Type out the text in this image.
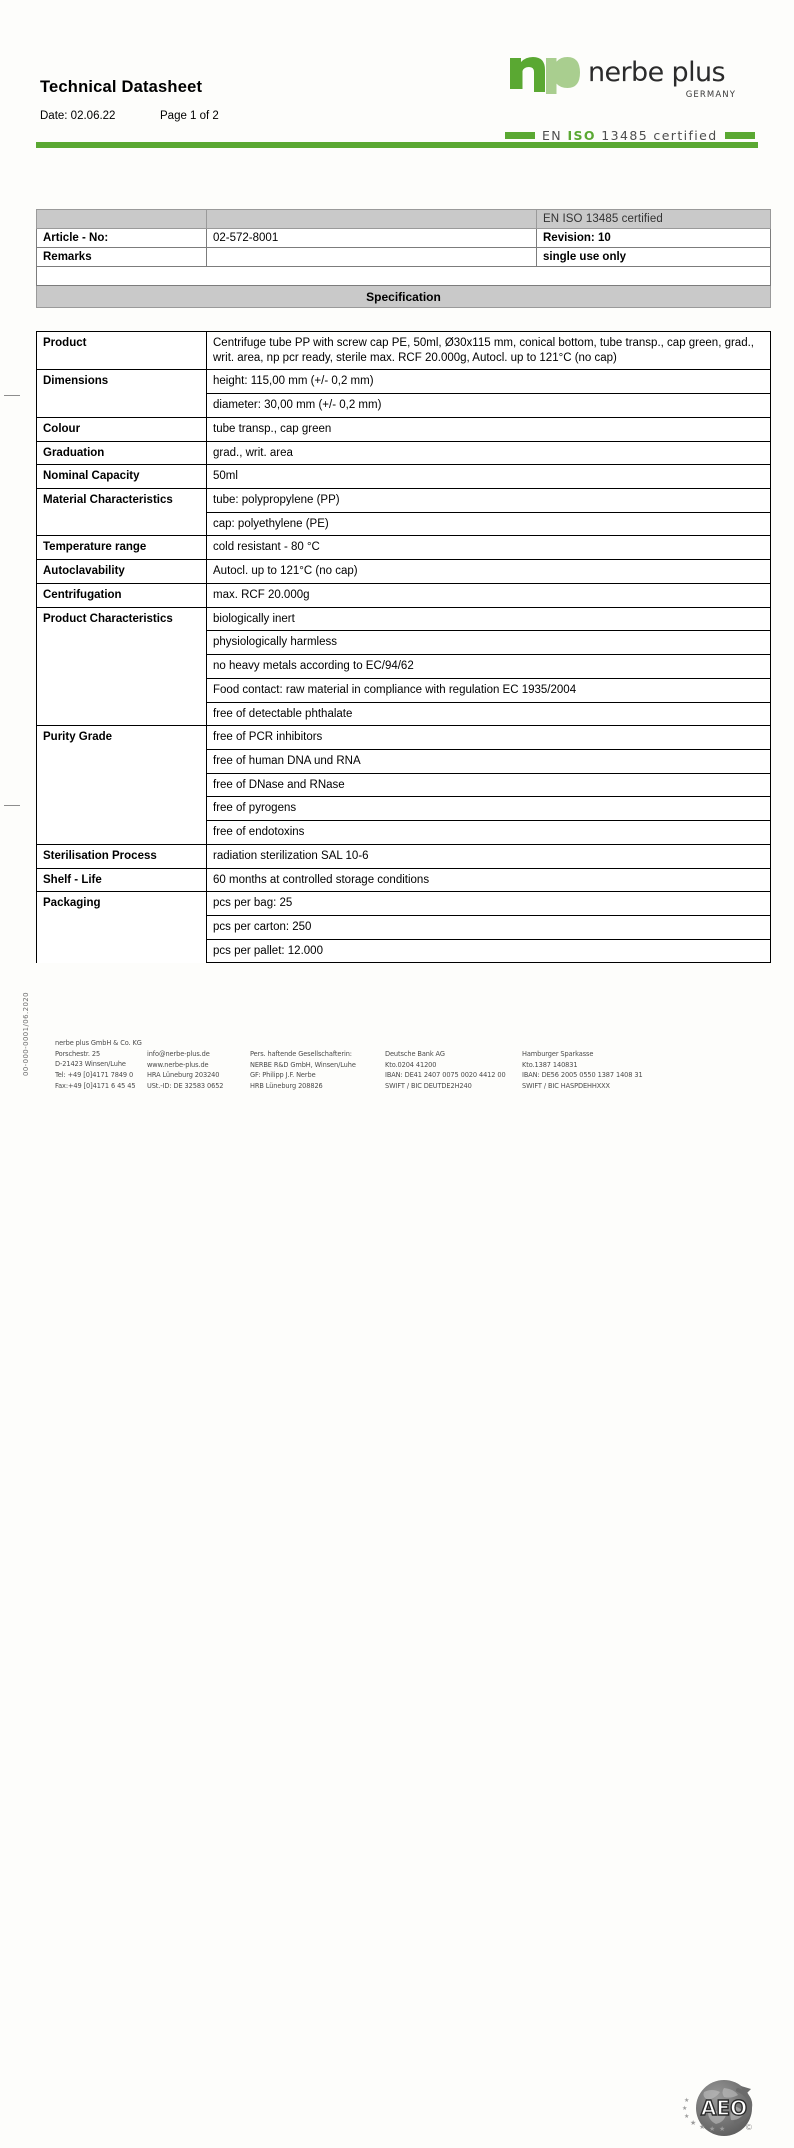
Technical Datasheet
Date: 02.06.22	Page 1 of 2
nerbe plus
GERMANY
EN ISO 13485 certified
		EN ISO 13485 certified
Article - No:	02-572-8001	Revision: 10
Remarks		single use only

Specification		
Product	Centrifuge tube PP with screw cap PE, 50ml, Ø30x115 mm, conical bottom, tube transp., cap green, grad., writ. area, np pcr ready, sterile max. RCF 20.000g, Autocl. up to 121°C (no cap)
Dimensions	height: 115,00 mm (+/- 0,2 mm)
	diameter: 30,00 mm (+/- 0,2 mm)
Colour	tube transp., cap green
Graduation	grad., writ. area
Nominal Capacity	50ml
Material Characteristics	tube: polypropylene (PP)
	cap: polyethylene (PE)
Temperature range	cold resistant - 80 °C
Autoclavability	Autocl. up to 121°C (no cap)
Centrifugation	max. RCF 20.000g
Product Characteristics	biologically inert
	physiologically harmless
	no heavy metals according to EC/94/62
	Food contact: raw material in compliance with regulation EC 1935/2004
	free of detectable phthalate
Purity Grade	free of PCR inhibitors
	free of human DNA und RNA
	free of DNase and RNase
	free of pyrogens
	free of endotoxins
Sterilisation Process	radiation sterilization SAL 10-6
Shelf - Life	60 months at controlled storage conditions
Packaging	pcs per bag: 25
	pcs per carton: 250
	pcs per pallet: 12.000
00-000-0001/06.2020	nerbe plus GmbH & Co. KG
Porschestr. 25
D-21423 Winsen/Luhe
Tel: +49 [0]4171 7849 0
Fax:+49 [0]4171 6 45 45
info@nerbe-plus.de
www.nerbe-plus.de
HRA Lüneburg 203240
USt.-ID: DE 32583 0652
Pers. haftende Gesellschafterin:
NERBE R&D GmbH, Winsen/Luhe
GF: Philipp J.F. Nerbe
HRB Lüneburg 208826
Deutsche Bank AG
Kto.0204 41200
IBAN: DE41 2407 0075 0020 4412 00
SWIFT / BIC DEUTDE2H240
Hamburger Sparkasse
Kto.1387 140831
IBAN: DE56 2005 0550 1387 1408 31
SWIFT / BIC HASPDEHHXXX
AEO
★
★
★
★
★ ★ ★	©
